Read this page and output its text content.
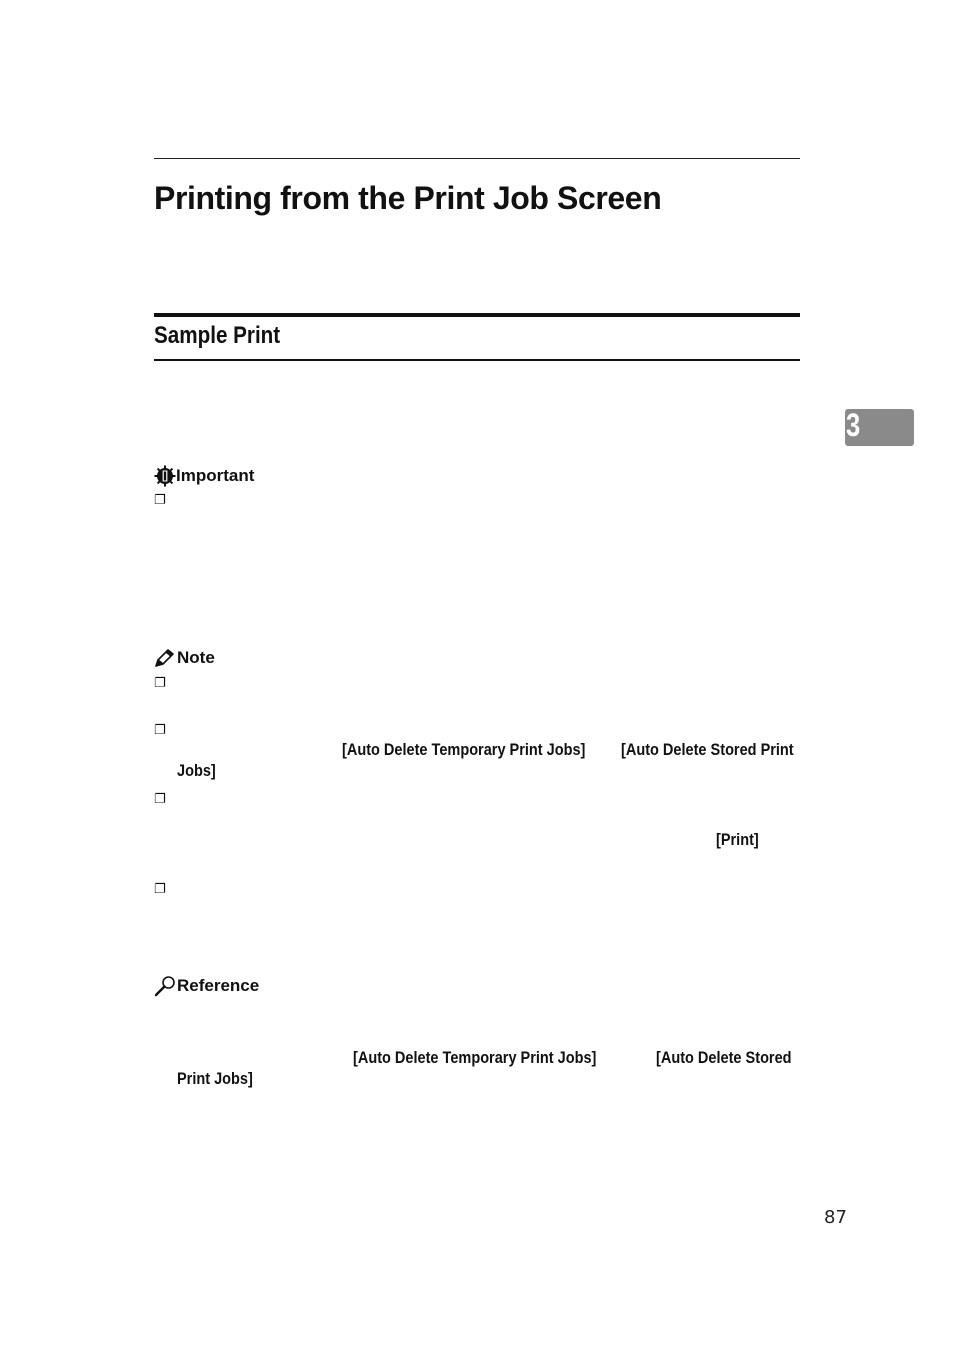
Printing from the Print Job Screen
Sample Print
3
Important
❐
Note
❐
❐
[Auto Delete Temporary Print Jobs] [Auto Delete Stored Print
Jobs]
❐
[Print]
❐
Reference
[Auto Delete Temporary Print Jobs]	[Auto Delete Stored
Print Jobs]
87
